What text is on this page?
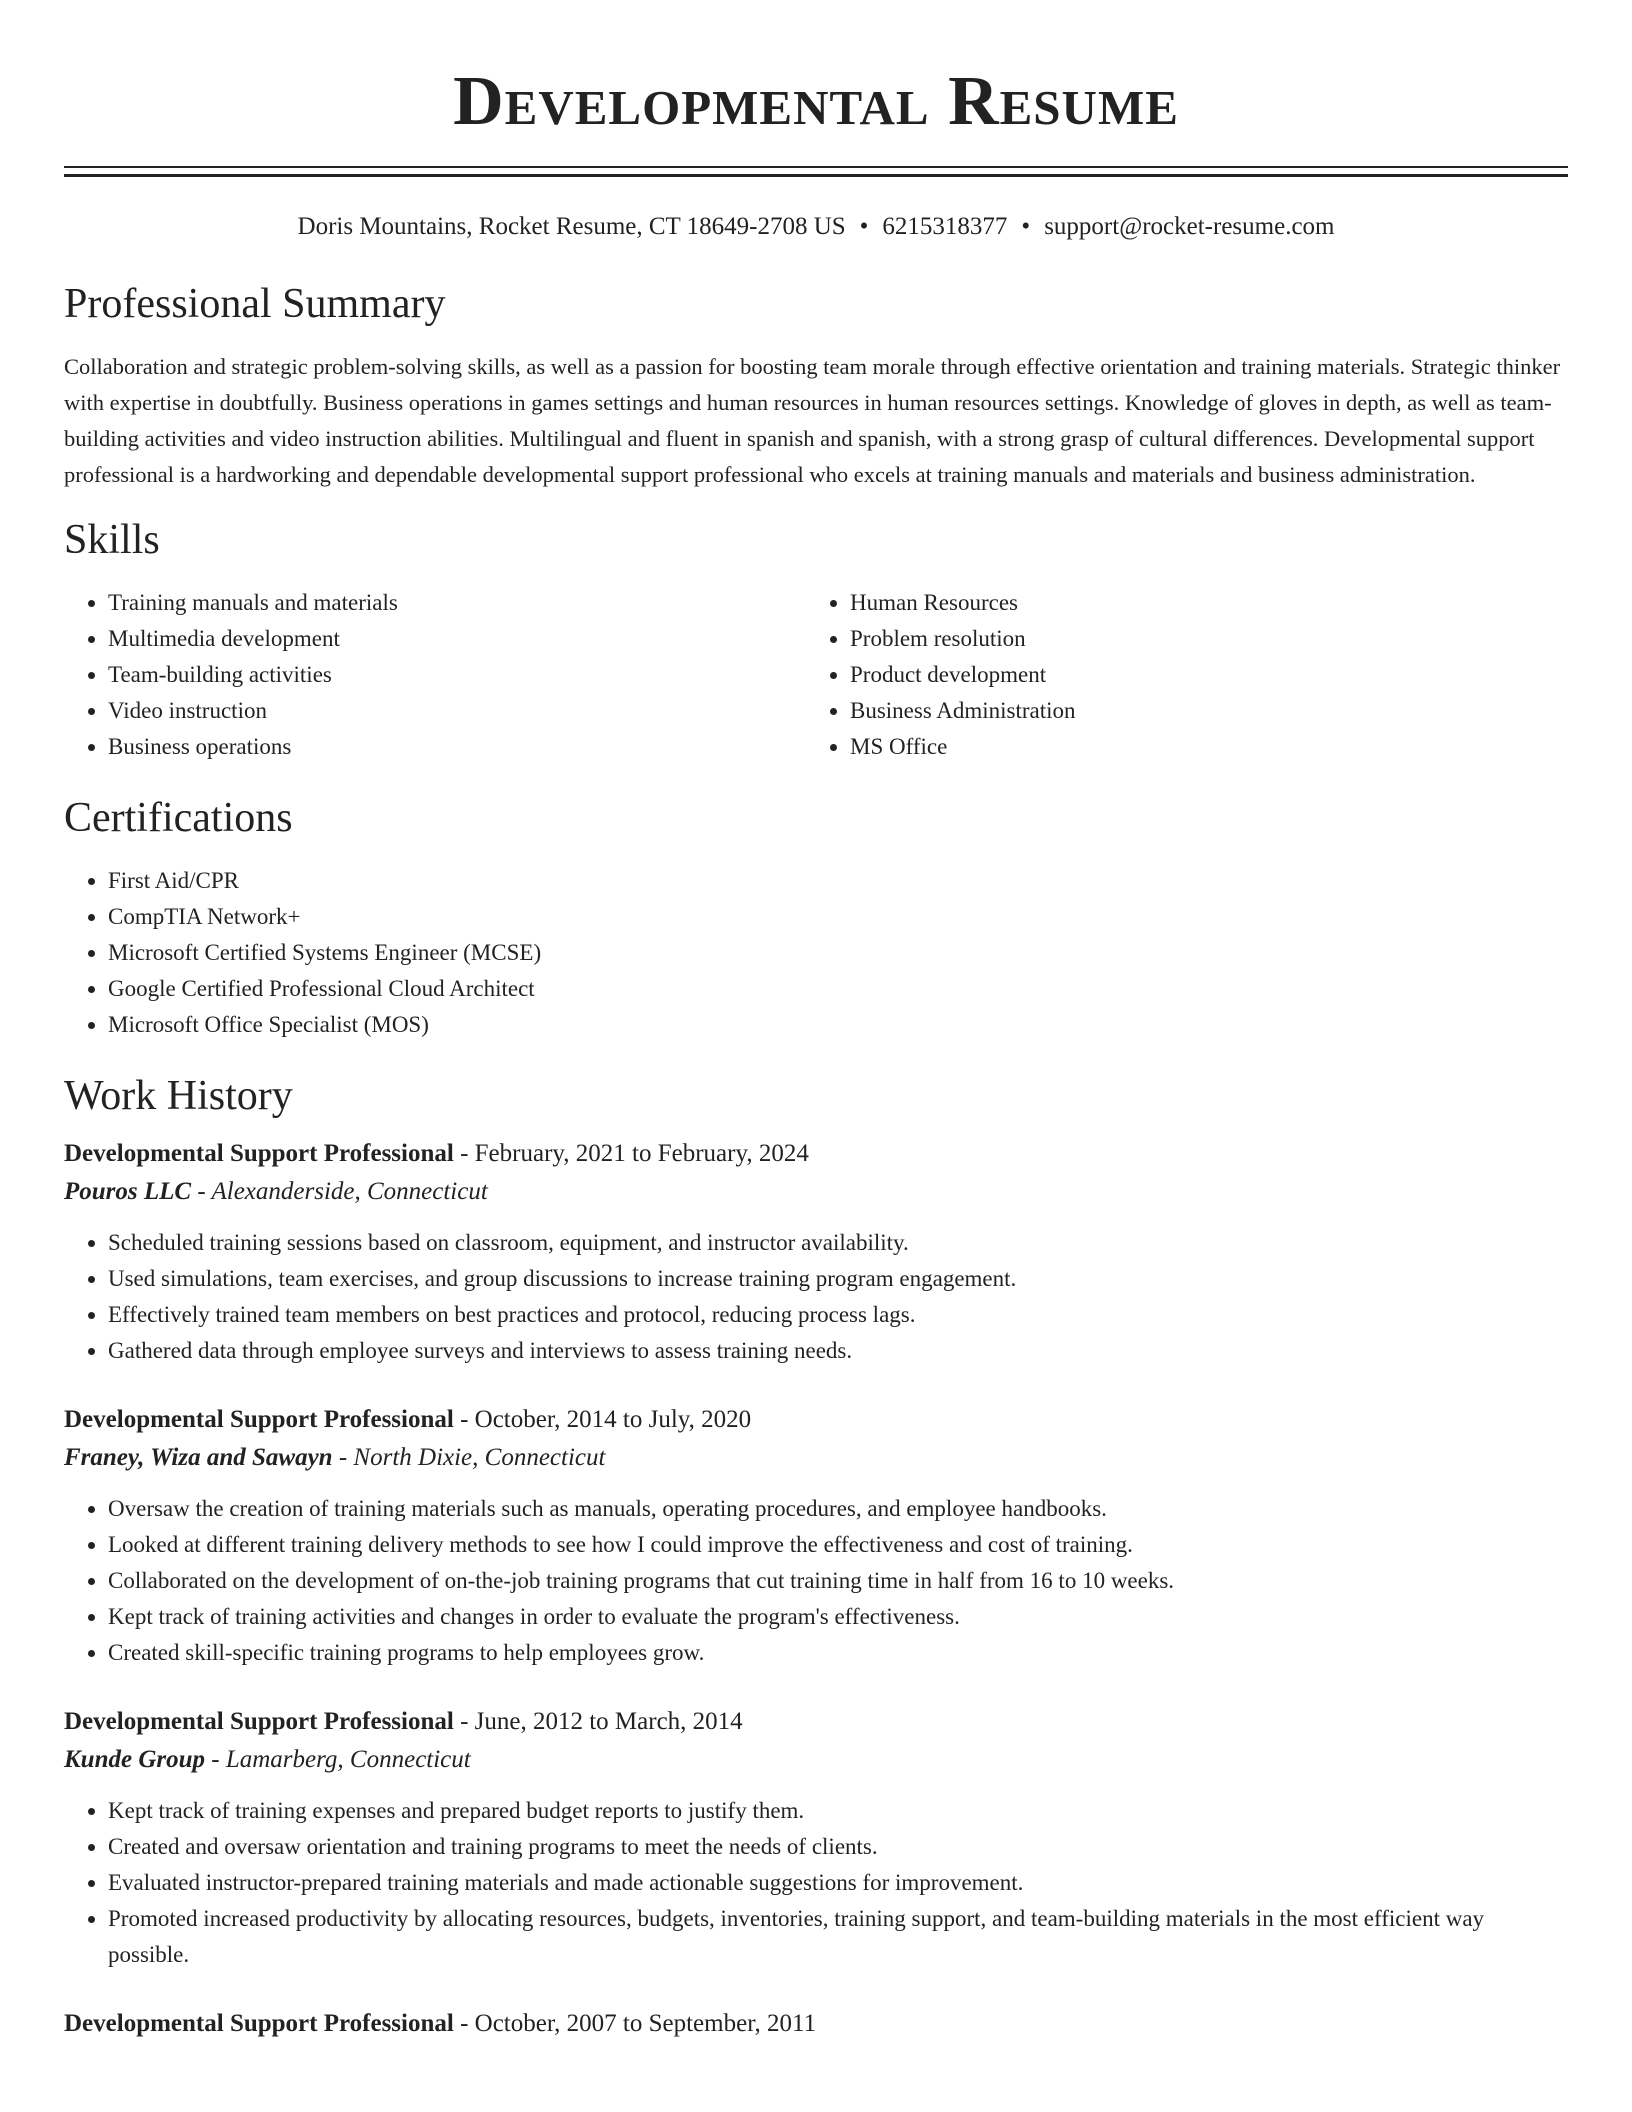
Developmental Resume
Doris Mountains, Rocket Resume, CT 18649-2708 US • 6215318377 • support@rocket-resume.com
Professional Summary

Collaboration and strategic problem-solving skills, as well as a passion for boosting team morale through effective orientation and training materials. Strategic thinker with expertise in doubtfully. Business operations in games settings and human resources in human resources settings. Knowledge of gloves in depth, as well as team-building activities and video instruction abilities. Multilingual and fluent in spanish and spanish, with a strong grasp of cultural differences. Developmental support professional is a hardworking and dependable developmental support professional who excels at training manuals and materials and business administration.

Skills
• Training manuals and materials
• Multimedia development
• Team-building activities
• Video instruction
• Business operations
• Human Resources
• Problem resolution
• Product development
• Business Administration
• MS Office
Certifications
• First Aid/CPR
• CompTIA Network+
• Microsoft Certified Systems Engineer (MCSE)
• Google Certified Professional Cloud Architect
• Microsoft Office Specialist (MOS)
Work History
Developmental Support Professional - February, 2021 to February, 2024
Pouros LLC - Alexanderside, Connecticut
• Scheduled training sessions based on classroom, equipment, and instructor availability.
• Used simulations, team exercises, and group discussions to increase training program engagement.
• Effectively trained team members on best practices and protocol, reducing process lags.
• Gathered data through employee surveys and interviews to assess training needs.
Developmental Support Professional - October, 2014 to July, 2020
Franey, Wiza and Sawayn - North Dixie, Connecticut
• Oversaw the creation of training materials such as manuals, operating procedures, and employee handbooks.
• Looked at different training delivery methods to see how I could improve the effectiveness and cost of training.
• Collaborated on the development of on-the-job training programs that cut training time in half from 16 to 10 weeks.
• Kept track of training activities and changes in order to evaluate the program's effectiveness.
• Created skill-specific training programs to help employees grow.
Developmental Support Professional - June, 2012 to March, 2014
Kunde Group - Lamarberg, Connecticut
• Kept track of training expenses and prepared budget reports to justify them.
• Created and oversaw orientation and training programs to meet the needs of clients.
• Evaluated instructor-prepared training materials and made actionable suggestions for improvement.
• Promoted increased productivity by allocating resources, budgets, inventories, training support, and team-building materials in the most efficient way possible.
Developmental Support Professional - October, 2007 to September, 2011
